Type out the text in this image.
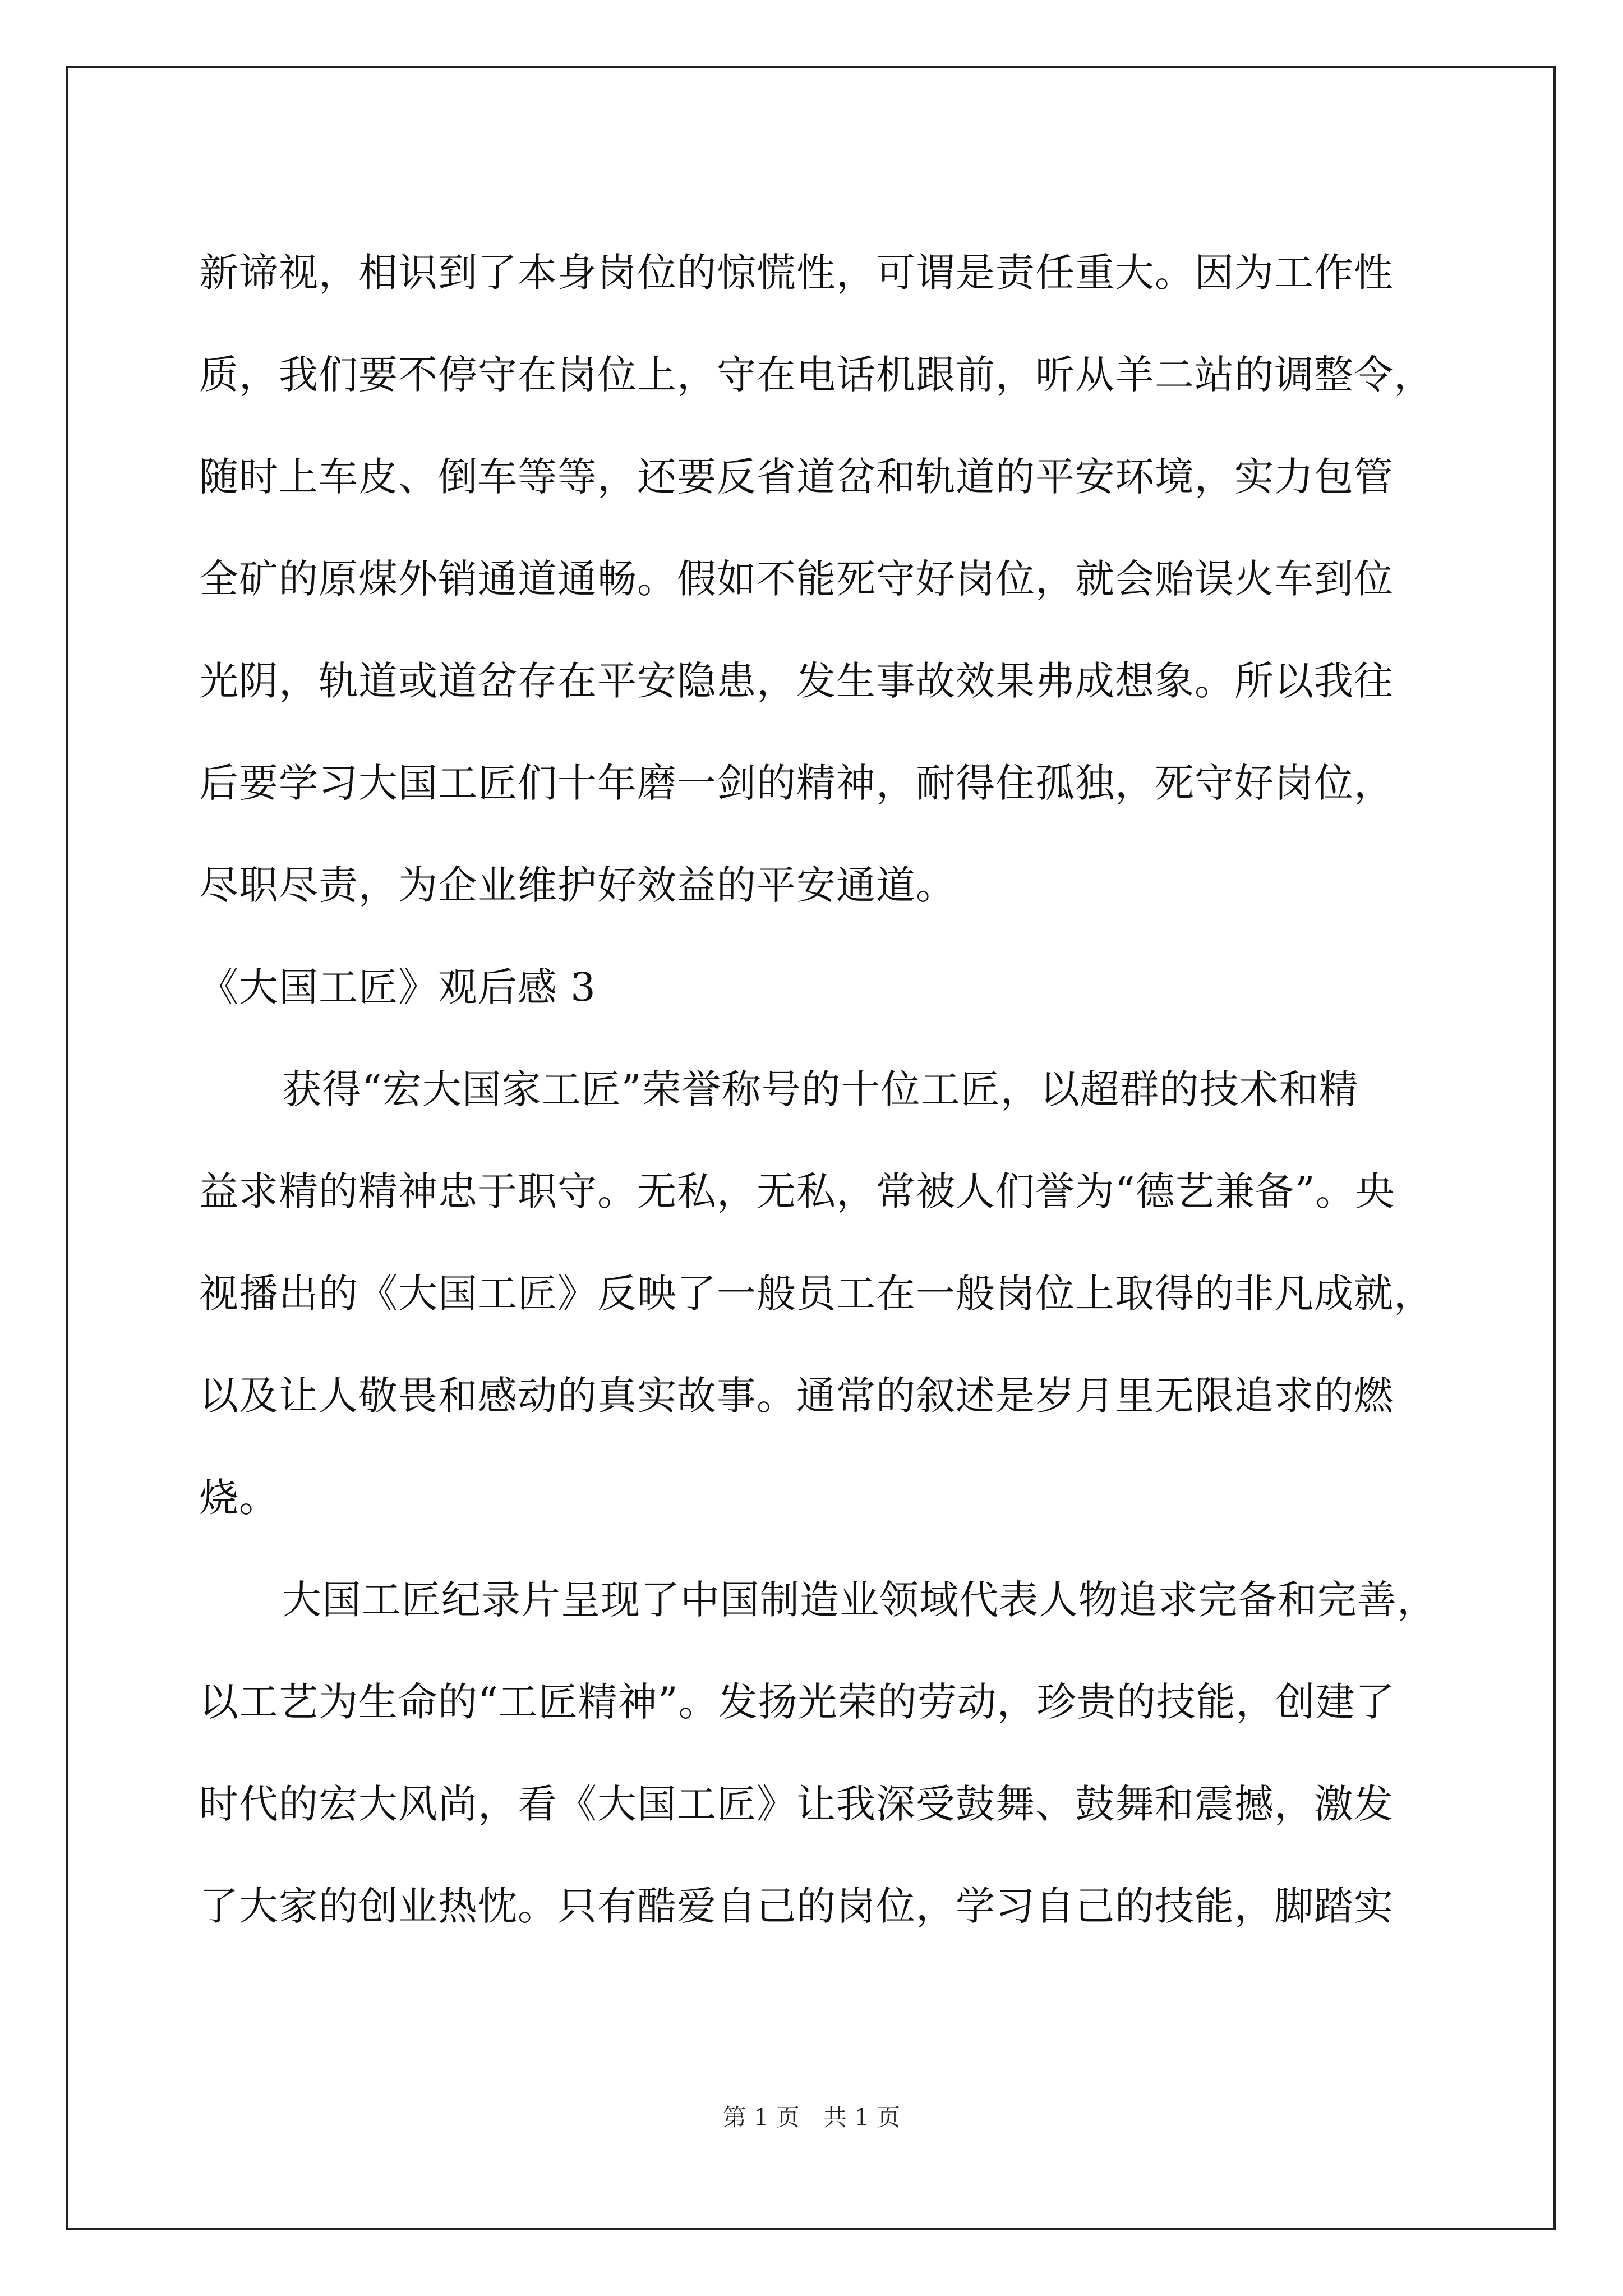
新谛视，相识到了本身岗位的惊慌性，可谓是责任重大。因为工作性
质，我们要不停守在岗位上，守在电话机跟前，听从羊二站的调整令，
随时上车皮、倒车等等，还要反省道岔和轨道的平安环境，实力包管
全矿的原煤外销通道通畅。假如不能死守好岗位，就会贻误火车到位
光阴，轨道或道岔存在平安隐患，发生事故效果弗成想象。所以我往
后要学习大国工匠们十年磨一剑的精神，耐得住孤独，死守好岗位，
尽职尽责，为企业维护好效益的平安通道。
《大国工匠》观后感 3
获得“宏大国家工匠”荣誉称号的十位工匠，以超群的技术和精
益求精的精神忠于职守。无私，无私，常被人们誉为“德艺兼备”。央
视播出的《大国工匠》反映了一般员工在一般岗位上取得的非凡成就，
以及让人敬畏和感动的真实故事。通常的叙述是岁月里无限追求的燃
烧。
大国工匠纪录片呈现了中国制造业领域代表人物追求完备和完善，
以工艺为生命的“工匠精神”。发扬光荣的劳动，珍贵的技能，创建了
时代的宏大风尚，看《大国工匠》让我深受鼓舞、鼓舞和震撼，激发
了大家的创业热忱。只有酷爱自己的岗位，学习自己的技能，脚踏实
第 1 页　共 1 页
